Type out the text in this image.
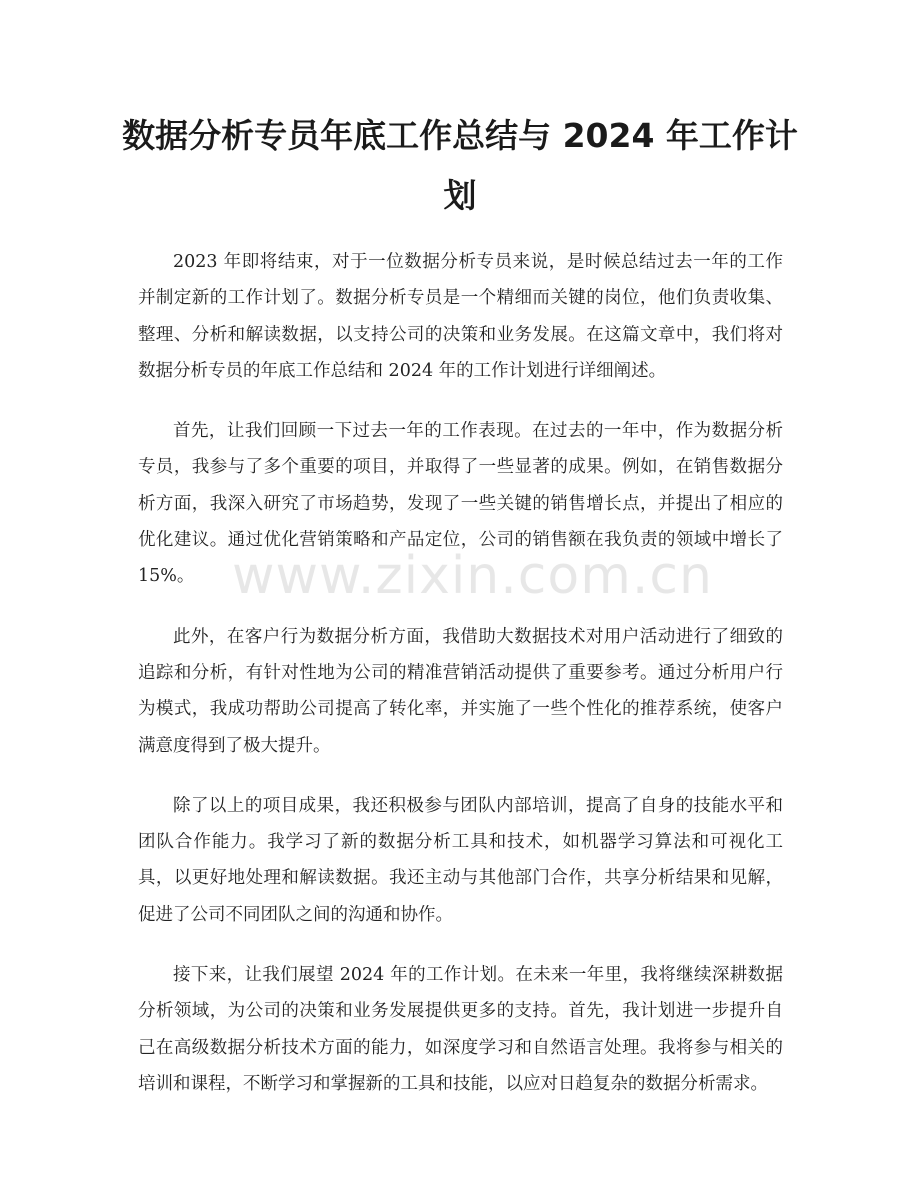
数据分析专员年底工作总结与 2024 年工作计划

2023 年即将结束，对于一位数据分析专员来说，是时候总结过去一年的工作并制定新的工作计划了。数据分析专员是一个精细而关键的岗位，他们负责收集、整理、分析和解读数据，以支持公司的决策和业务发展。在这篇文章中，我们将对数据分析专员的年底工作总结和 2024 年的工作计划进行详细阐述。

首先，让我们回顾一下过去一年的工作表现。在过去的一年中，作为数据分析专员，我参与了多个重要的项目，并取得了一些显著的成果。例如，在销售数据分析方面，我深入研究了市场趋势，发现了一些关键的销售增长点，并提出了相应的优化建议。通过优化营销策略和产品定位，公司的销售额在我负责的领域中增长了 15%。

此外，在客户行为数据分析方面，我借助大数据技术对用户活动进行了细致的追踪和分析，有针对性地为公司的精准营销活动提供了重要参考。通过分析用户行为模式，我成功帮助公司提高了转化率，并实施了一些个性化的推荐系统，使客户满意度得到了极大提升。

除了以上的项目成果，我还积极参与团队内部培训，提高了自身的技能水平和团队合作能力。我学习了新的数据分析工具和技术，如机器学习算法和可视化工具，以更好地处理和解读数据。我还主动与其他部门合作，共享分析结果和见解，促进了公司不同团队之间的沟通和协作。

接下来，让我们展望 2024 年的工作计划。在未来一年里，我将继续深耕数据分析领域，为公司的决策和业务发展提供更多的支持。首先，我计划进一步提升自己在高级数据分析技术方面的能力，如深度学习和自然语言处理。我将参与相关的培训和课程，不断学习和掌握新的工具和技能，以应对日趋复杂的数据分析需求。

www.zixin.com.cn
